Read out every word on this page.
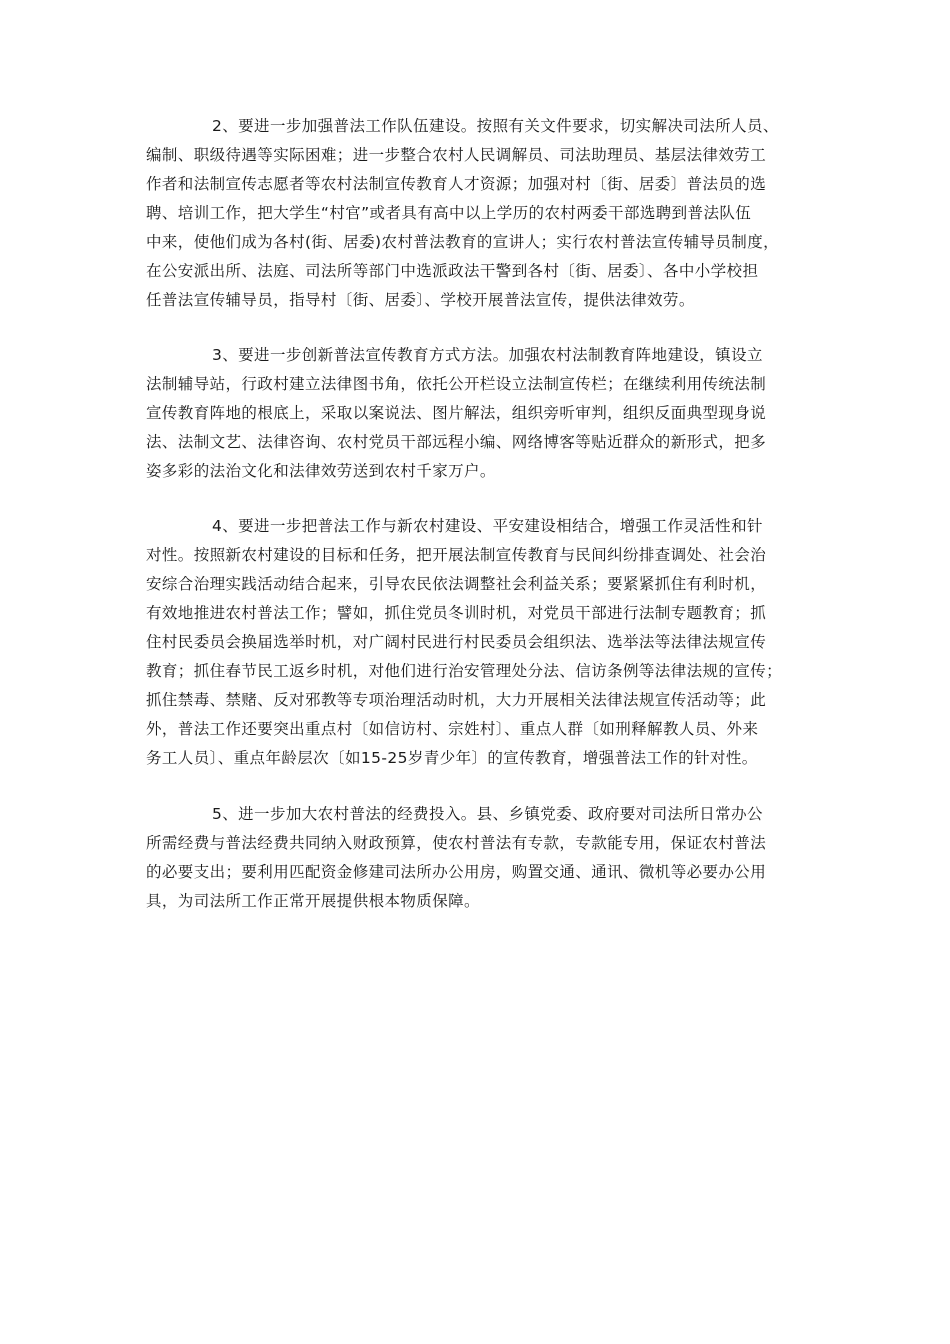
2、要进一步加强普法工作队伍建设。按照有关文件要求，切实解决司法所人员、
编制、职级待遇等实际困难；进一步整合农村人民调解员、司法助理员、基层法律效劳工
作者和法制宣传志愿者等农村法制宣传教育人才资源；加强对村〔街、居委〕普法员的选
聘、培训工作，把大学生“村官”或者具有高中以上学历的农村两委干部选聘到普法队伍
中来，使他们成为各村(街、居委)农村普法教育的宣讲人；实行农村普法宣传辅导员制度，
在公安派出所、法庭、司法所等部门中选派政法干警到各村〔街、居委〕、各中小学校担
任普法宣传辅导员，指导村〔街、居委〕、学校开展普法宣传，提供法律效劳。
3、要进一步创新普法宣传教育方式方法。加强农村法制教育阵地建设，镇设立
法制辅导站，行政村建立法律图书角，依托公开栏设立法制宣传栏；在继续利用传统法制
宣传教育阵地的根底上，采取以案说法、图片解法，组织旁听审判，组织反面典型现身说
法、法制文艺、法律咨询、农村党员干部远程小编、网络博客等贴近群众的新形式，把多
姿多彩的法治文化和法律效劳送到农村千家万户。
4、要进一步把普法工作与新农村建设、平安建设相结合，增强工作灵活性和针
对性。按照新农村建设的目标和任务，把开展法制宣传教育与民间纠纷排查调处、社会治
安综合治理实践活动结合起来，引导农民依法调整社会利益关系；要紧紧抓住有利时机，
有效地推进农村普法工作；譬如，抓住党员冬训时机，对党员干部进行法制专题教育；抓
住村民委员会换届选举时机，对广阔村民进行村民委员会组织法、选举法等法律法规宣传
教育；抓住春节民工返乡时机，对他们进行治安管理处分法、信访条例等法律法规的宣传；
抓住禁毒、禁赌、反对邪教等专项治理活动时机，大力开展相关法律法规宣传活动等；此
外，普法工作还要突出重点村〔如信访村、宗姓村〕、重点人群〔如刑释解教人员、外来
务工人员〕、重点年龄层次〔如15-25岁青少年〕的宣传教育，增强普法工作的针对性。
5、进一步加大农村普法的经费投入。县、乡镇党委、政府要对司法所日常办公
所需经费与普法经费共同纳入财政预算，使农村普法有专款，专款能专用，保证农村普法
的必要支出；要利用匹配资金修建司法所办公用房，购置交通、通讯、微机等必要办公用
具，为司法所工作正常开展提供根本物质保障。
